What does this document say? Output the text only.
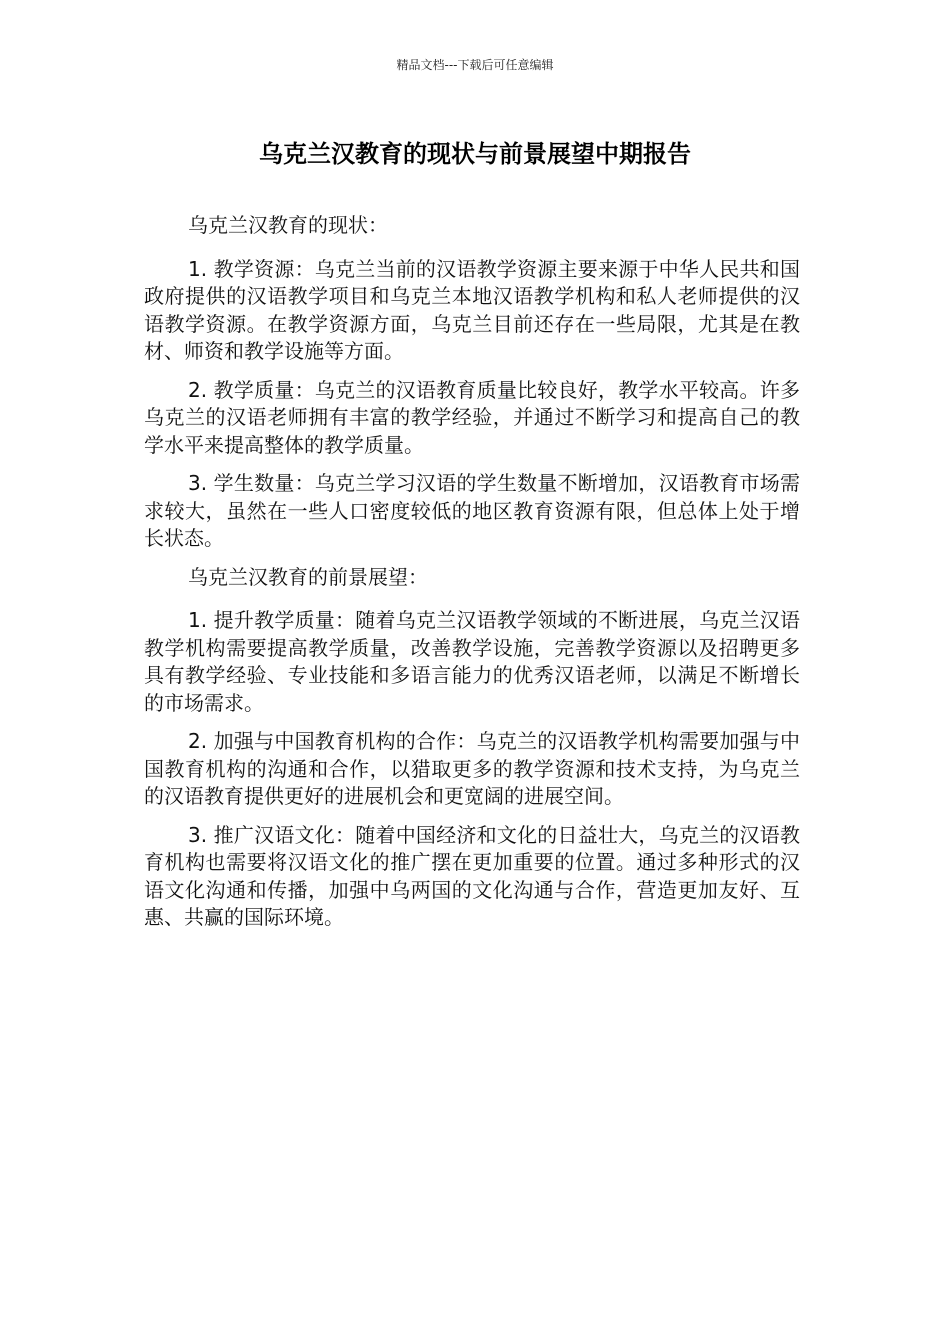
精品文档---下载后可任意编辑
乌克兰汉教育的现状与前景展望中期报告

乌克兰汉教育的现状：

1. 教学资源：乌克兰当前的汉语教学资源主要来源于中华人民共和国政府提供的汉语教学项目和乌克兰本地汉语教学机构和私人老师提供的汉语教学资源。在教学资源方面，乌克兰目前还存在一些局限，尤其是在教材、师资和教学设施等方面。

2. 教学质量：乌克兰的汉语教育质量比较良好，教学水平较高。许多乌克兰的汉语老师拥有丰富的教学经验，并通过不断学习和提高自己的教学水平来提高整体的教学质量。

3. 学生数量：乌克兰学习汉语的学生数量不断增加，汉语教育市场需求较大，虽然在一些人口密度较低的地区教育资源有限，但总体上处于增长状态。

乌克兰汉教育的前景展望：

1. 提升教学质量：随着乌克兰汉语教学领域的不断进展，乌克兰汉语教学机构需要提高教学质量，改善教学设施，完善教学资源以及招聘更多具有教学经验、专业技能和多语言能力的优秀汉语老师，以满足不断增长的市场需求。

2. 加强与中国教育机构的合作：乌克兰的汉语教学机构需要加强与中国教育机构的沟通和合作，以猎取更多的教学资源和技术支持，为乌克兰的汉语教育提供更好的进展机会和更宽阔的进展空间。

3. 推广汉语文化：随着中国经济和文化的日益壮大，乌克兰的汉语教育机构也需要将汉语文化的推广摆在更加重要的位置。通过多种形式的汉语文化沟通和传播，加强中乌两国的文化沟通与合作，营造更加友好、互惠、共赢的国际环境。
